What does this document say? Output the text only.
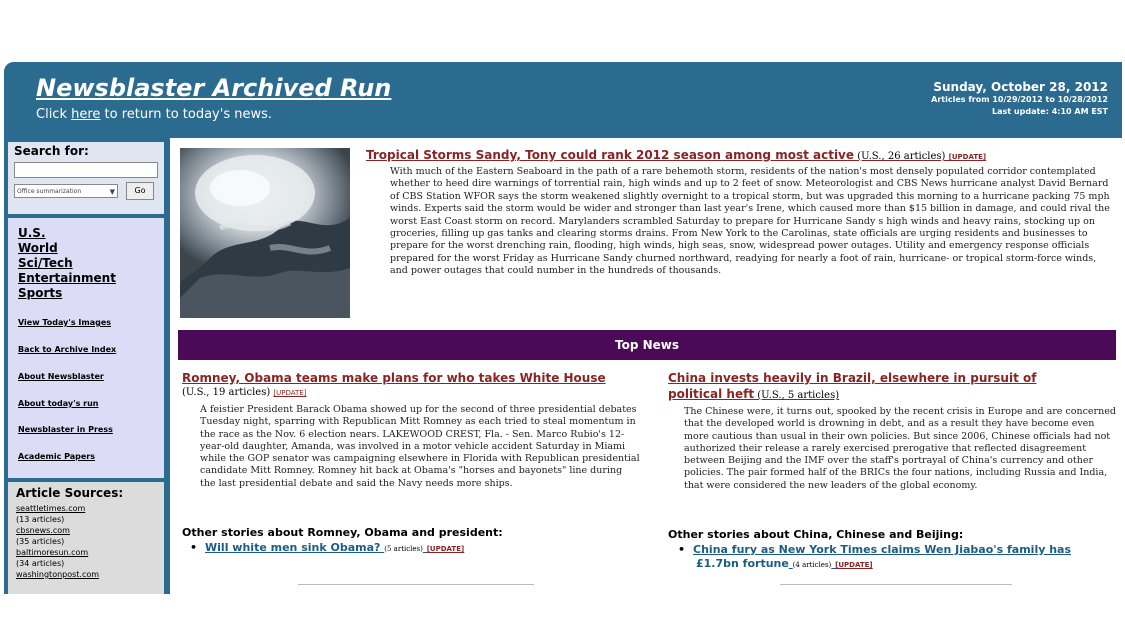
Newsblaster Archived Run
Click here to return to today's news.
Sunday, October 28, 2012
Articles from 10/29/2012 to 10/28/2012
Last update: 4:10 AM EST
Search for:
Office summarization	▼	Go
U.S.
World
Sci/Tech
Entertainment
Sports
View Today's Images
Back to Archive Index
About Newsblaster
About today's run
Newsblaster in Press
Academic Papers
Article Sources:
seattletimes.com
(13 articles)
cbsnews.com
(35 articles)
baltimoresun.com
(34 articles)
washingtonpost.com
Tropical Storms Sandy, Tony could rank 2012 season among most active (U.S., 26 articles) [UPDATE]
With much of the Eastern Seaboard in the path of a rare behemoth storm, residents of the nation's most densely populated corridor contemplated whether to heed dire warnings of torrential rain, high winds and up to 2 feet of snow. Meteorologist and CBS News hurricane analyst David Bernard of CBS Station WFOR says the storm weakened slightly overnight to a tropical storm, but was upgraded this morning to a hurricane packing 75 mph winds. Experts said the storm would be wider and stronger than last year's Irene, which caused more than $15 billion in damage, and could rival the worst East Coast storm on record. Marylanders scrambled Saturday to prepare for Hurricane Sandy s high winds and heavy rains, stocking up on groceries, filling up gas tanks and clearing storms drains. From New York to the Carolinas, state officials are urging residents and businesses to prepare for the worst drenching rain, flooding, high winds, high seas, snow, widespread power outages. Utility and emergency response officials prepared for the worst Friday as Hurricane Sandy churned northward, readying for nearly a foot of rain, hurricane- or tropical storm-force winds, and power outages that could number in the hundreds of thousands.
Top News
Romney, Obama teams make plans for who takes White House
(U.S., 19 articles) [UPDATE]
A feistier President Barack Obama showed up for the second of three presidential debates Tuesday night, sparring with Republican Mitt Romney as each tried to steal momentum in the race as the Nov. 6 election nears. LAKEWOOD CREST, Fla. - Sen. Marco Rubio's 12-year-old daughter, Amanda, was involved in a motor vehicle accident Saturday in Miami while the GOP senator was campaigning elsewhere in Florida with Republican presidential candidate Mitt Romney. Romney hit back at Obama's "horses and bayonets" line during the last presidential debate and said the Navy needs more ships.
Other stories about Romney, Obama and president:
• Will white men sink Obama? (5 articles) [UPDATE]
China invests heavily in Brazil, elsewhere in pursuit of
political heft (U.S., 5 articles)
The Chinese were, it turns out, spooked by the recent crisis in Europe and are concerned that the developed world is drowning in debt, and as a result they have become even more cautious than usual in their own policies. But since 2006, Chinese officials had not authorized their release a rarely exercised prerogative that reflected disagreement between Beijing and the IMF over the staff's portrayal of China's currency and other policies. The pair formed half of the BRICs the four nations, including Russia and India, that were considered the new leaders of the global economy.
Other stories about China, Chinese and Beijing:
• China fury as New York Times claims Wen Jiabao's family has
£1.7bn fortune (4 articles) [UPDATE]
